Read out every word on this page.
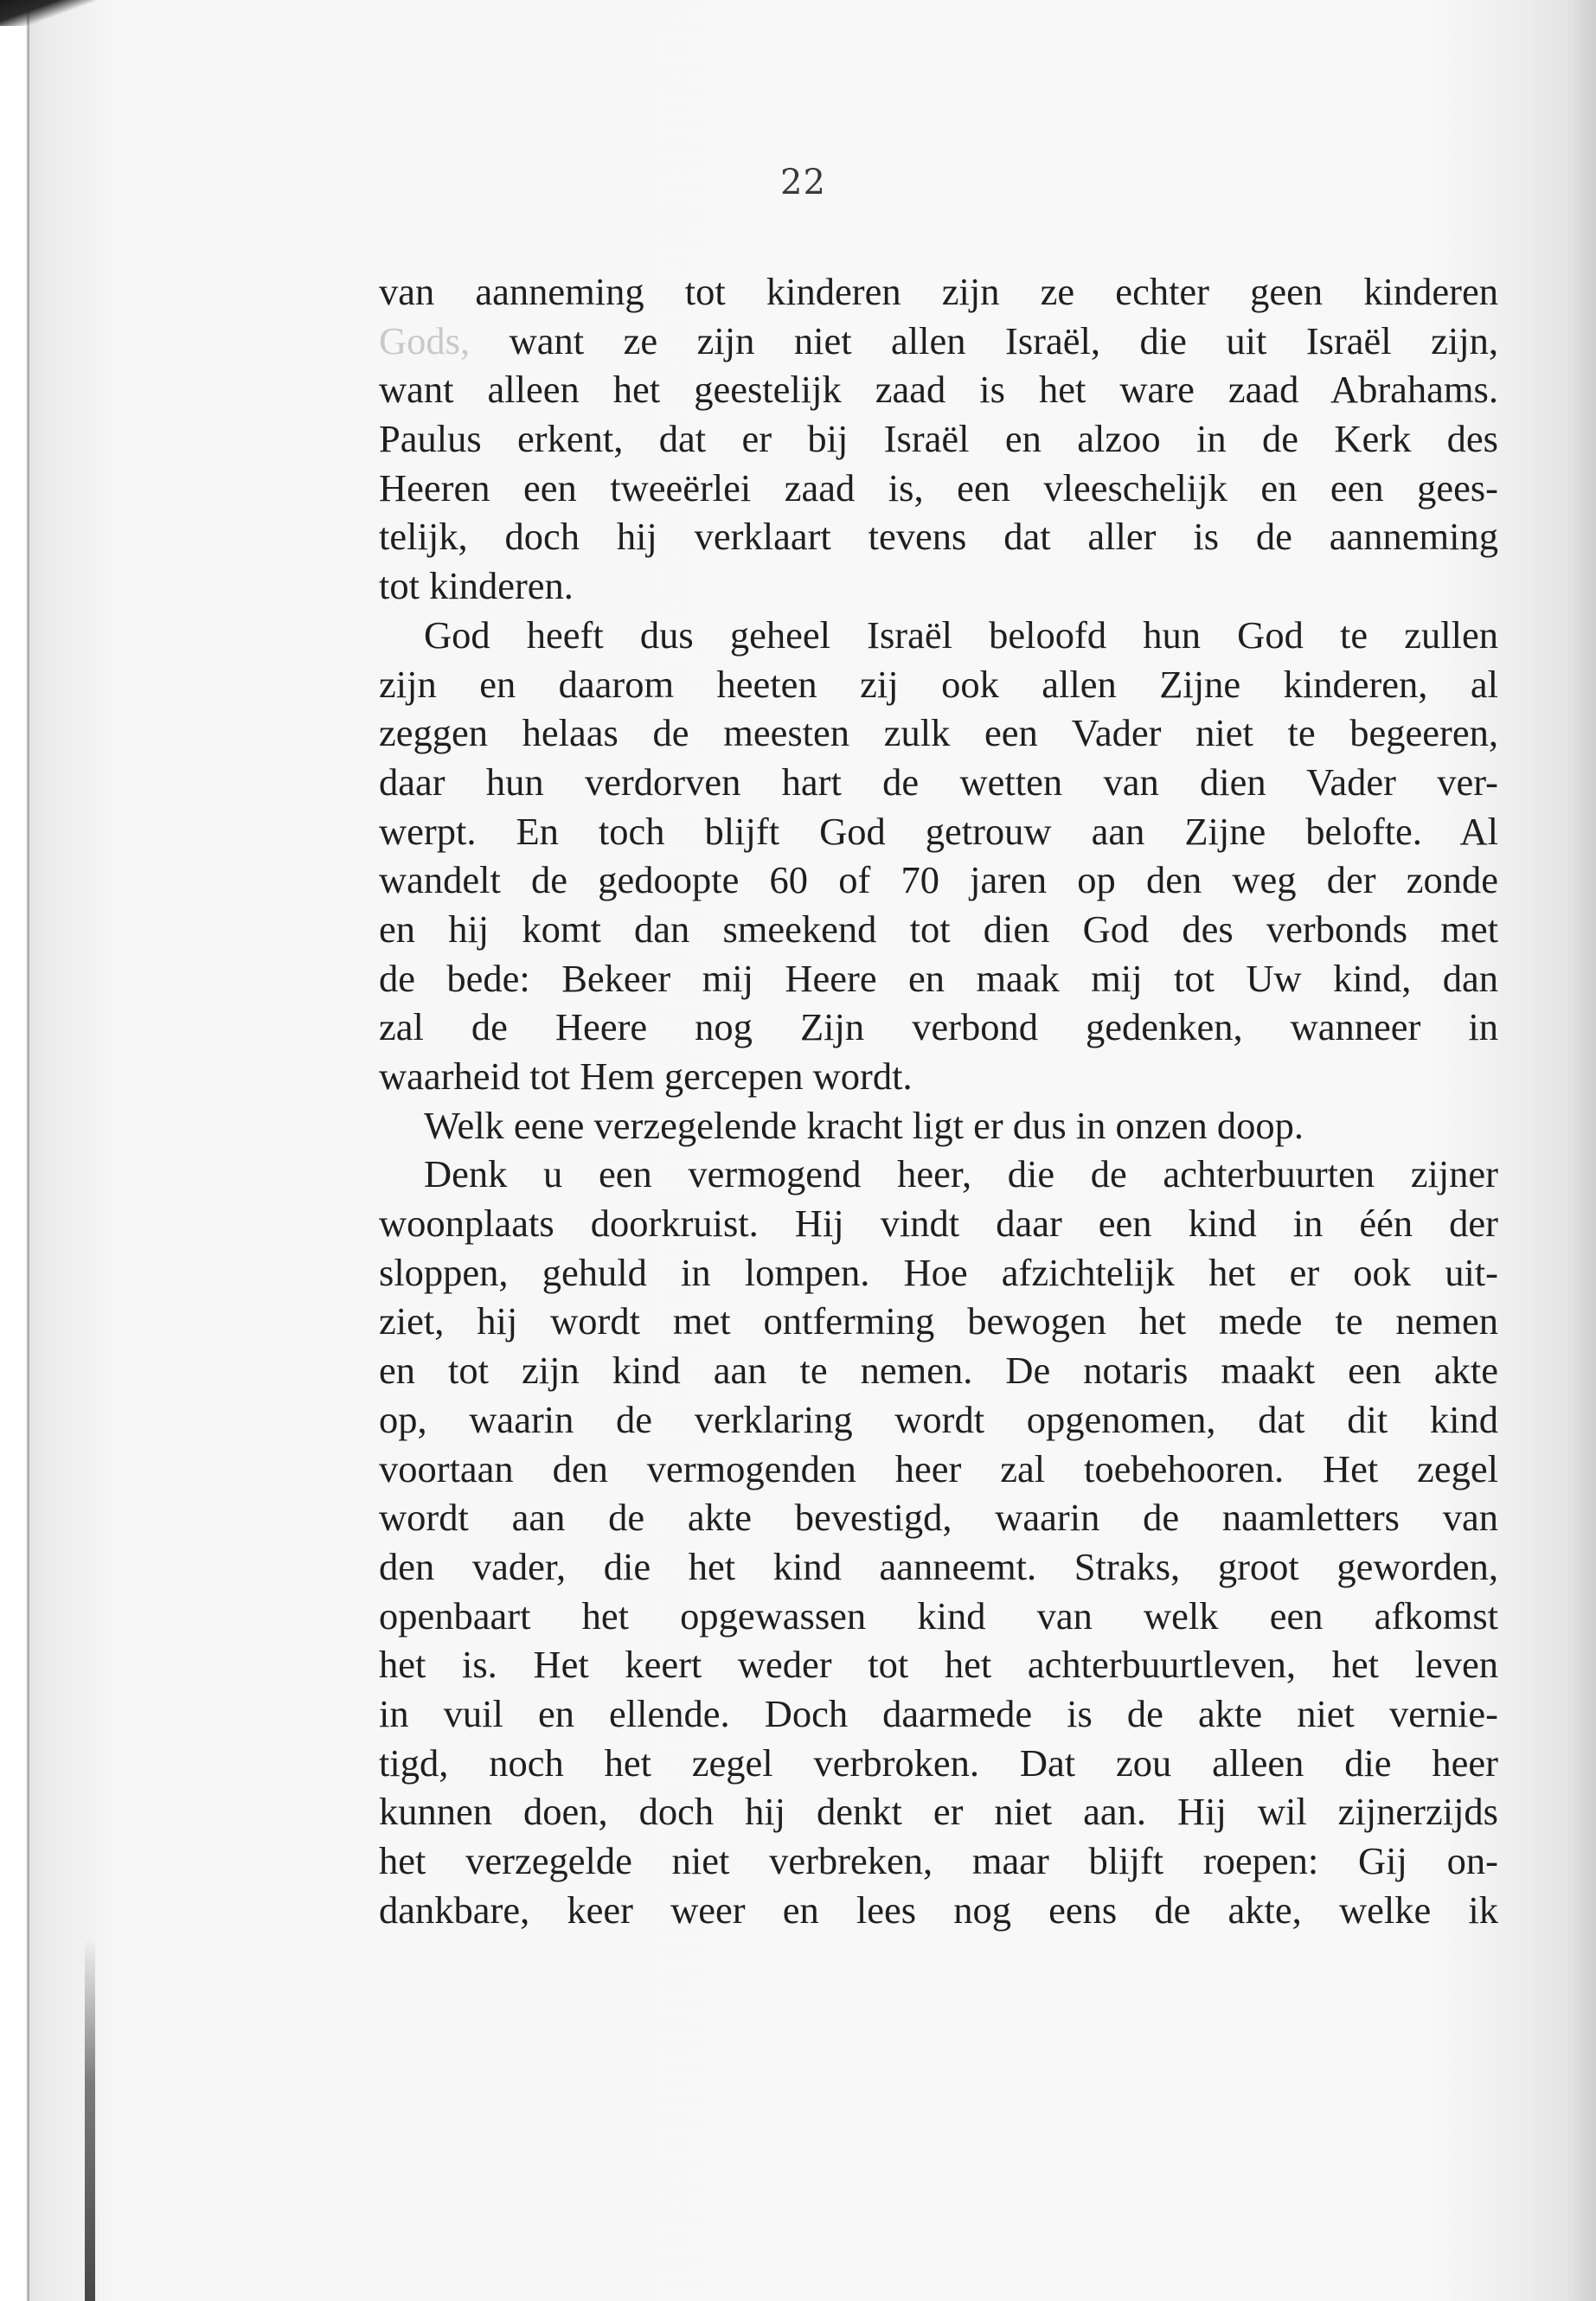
22
van aanneming tot kinderen zijn ze echter geen kinderen
Gods, want ze zijn niet allen Israël, die uit Israël zijn,
want alleen het geestelijk zaad is het ware zaad Abrahams.
Paulus erkent, dat er bij Israël en alzoo in de Kerk des
Heeren een tweeërlei zaad is, een vleeschelijk en een gees-
telijk, doch hij verklaart tevens dat aller is de aanneming
tot kinderen.
God heeft dus geheel Israël beloofd hun God te zullen
zijn en daarom heeten zij ook allen Zijne kinderen, al
zeggen helaas de meesten zulk een Vader niet te begeeren,
daar hun verdorven hart de wetten van dien Vader ver-
werpt. En toch blijft God getrouw aan Zijne belofte. Al
wandelt de gedoopte 60 of 70 jaren op den weg der zonde
en hij komt dan smeekend tot dien God des verbonds met
de bede: Bekeer mij Heere en maak mij tot Uw kind, dan
zal de Heere nog Zijn verbond gedenken, wanneer in
waarheid tot Hem gercepen wordt.
Welk eene verzegelende kracht ligt er dus in onzen doop.
Denk u een vermogend heer, die de achterbuurten zijner
woonplaats doorkruist. Hij vindt daar een kind in één der
sloppen, gehuld in lompen. Hoe afzichtelijk het er ook uit-
ziet, hij wordt met ontferming bewogen het mede te nemen
en tot zijn kind aan te nemen. De notaris maakt een akte
op, waarin de verklaring wordt opgenomen, dat dit kind
voortaan den vermogenden heer zal toebehooren. Het zegel
wordt aan de akte bevestigd, waarin de naamletters van
den vader, die het kind aanneemt. Straks, groot geworden,
openbaart het opgewassen kind van welk een afkomst
het is. Het keert weder tot het achterbuurtleven, het leven
in vuil en ellende. Doch daarmede is de akte niet vernie-
tigd, noch het zegel verbroken. Dat zou alleen die heer
kunnen doen, doch hij denkt er niet aan. Hij wil zijnerzijds
het verzegelde niet verbreken, maar blijft roepen: Gij on-
dankbare, keer weer en lees nog eens de akte, welke ik
